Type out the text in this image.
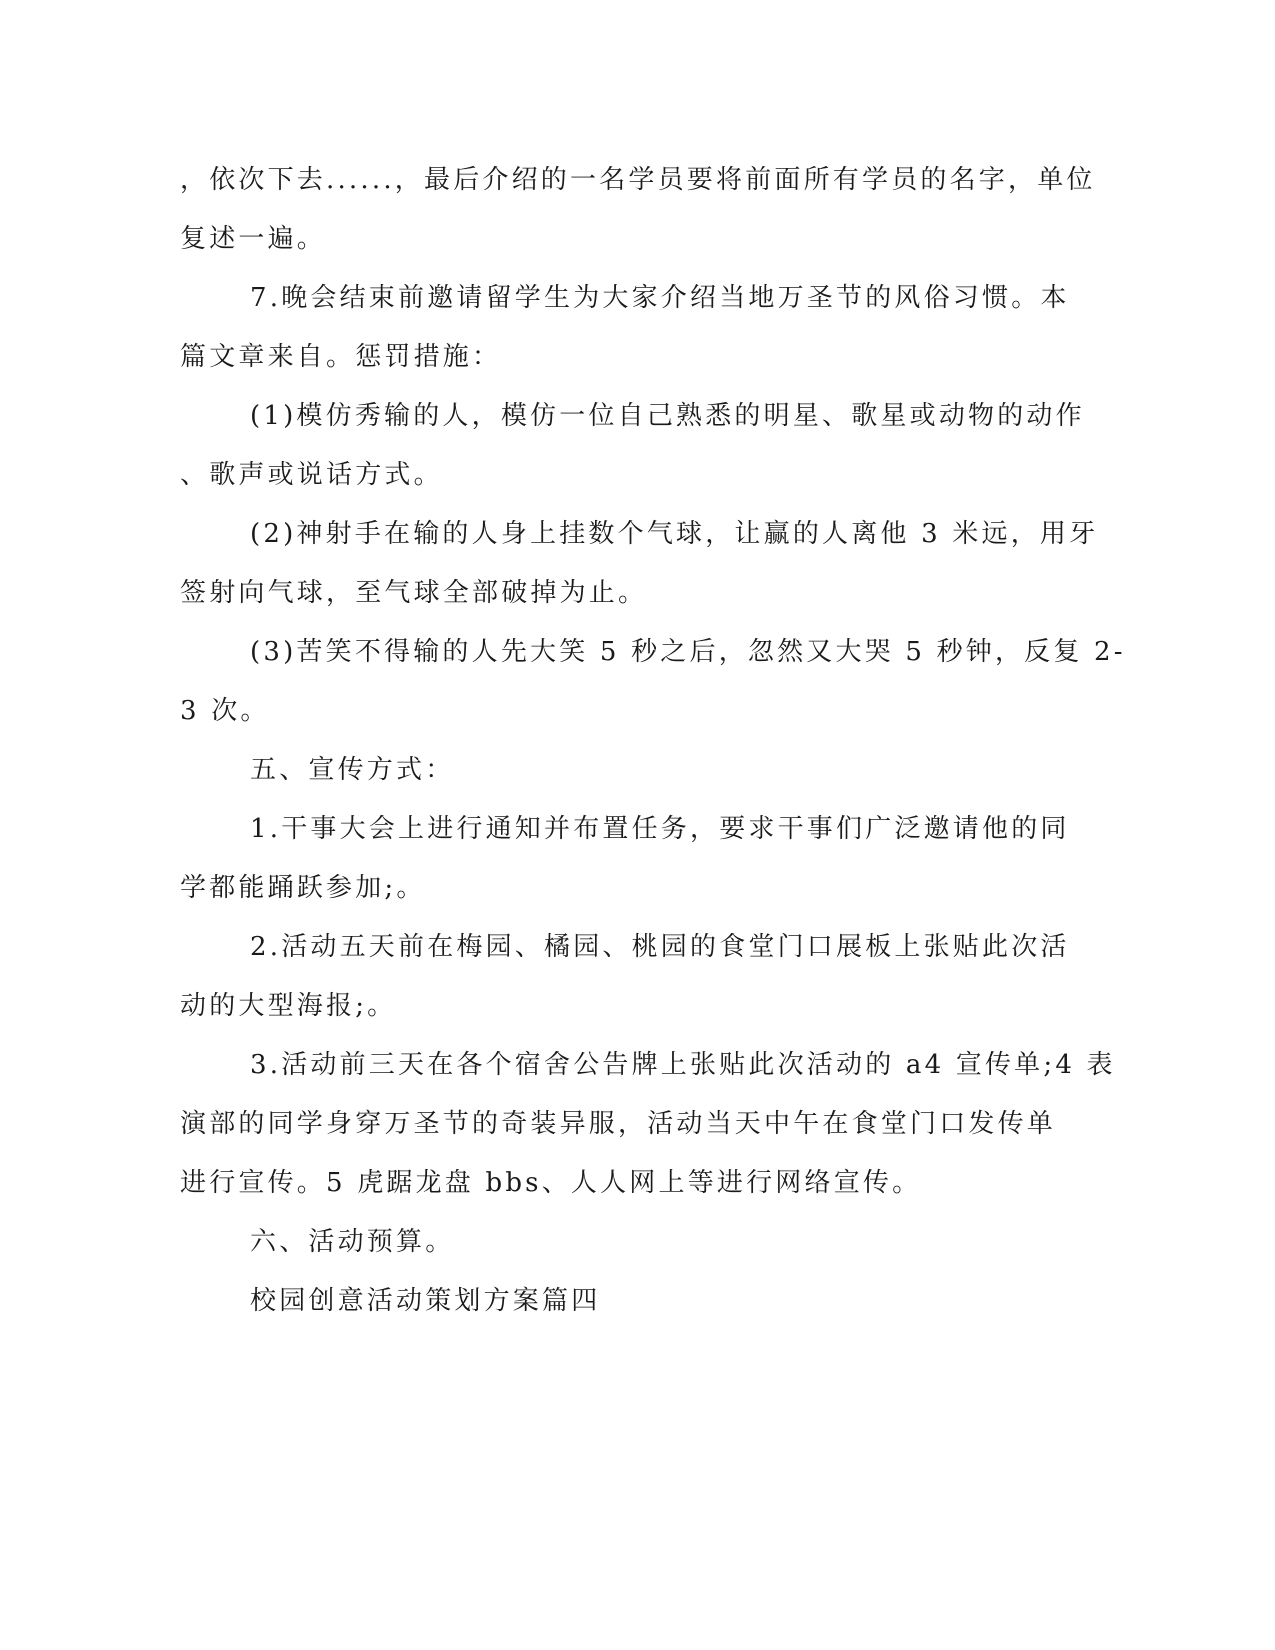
，依次下去......，最后介绍的一名学员要将前面所有学员的名字，单位
复述一遍。
7.晚会结束前邀请留学生为大家介绍当地万圣节的风俗习惯。本
篇文章来自。惩罚措施：
(1)模仿秀输的人，模仿一位自己熟悉的明星、歌星或动物的动作
、歌声或说话方式。
(2)神射手在输的人身上挂数个气球，让赢的人离他 3 米远，用牙
签射向气球，至气球全部破掉为止。
(3)苦笑不得输的人先大笑 5 秒之后，忽然又大哭 5 秒钟，反复 2-
3 次。
五、宣传方式：
1.干事大会上进行通知并布置任务，要求干事们广泛邀请他的同
学都能踊跃参加;。
2.活动五天前在梅园、橘园、桃园的食堂门口展板上张贴此次活
动的大型海报;。
3.活动前三天在各个宿舍公告牌上张贴此次活动的 a4 宣传单;4 表
演部的同学身穿万圣节的奇装异服，活动当天中午在食堂门口发传单
进行宣传。5 虎踞龙盘 bbs、人人网上等进行网络宣传。
六、活动预算。
校园创意活动策划方案篇四
